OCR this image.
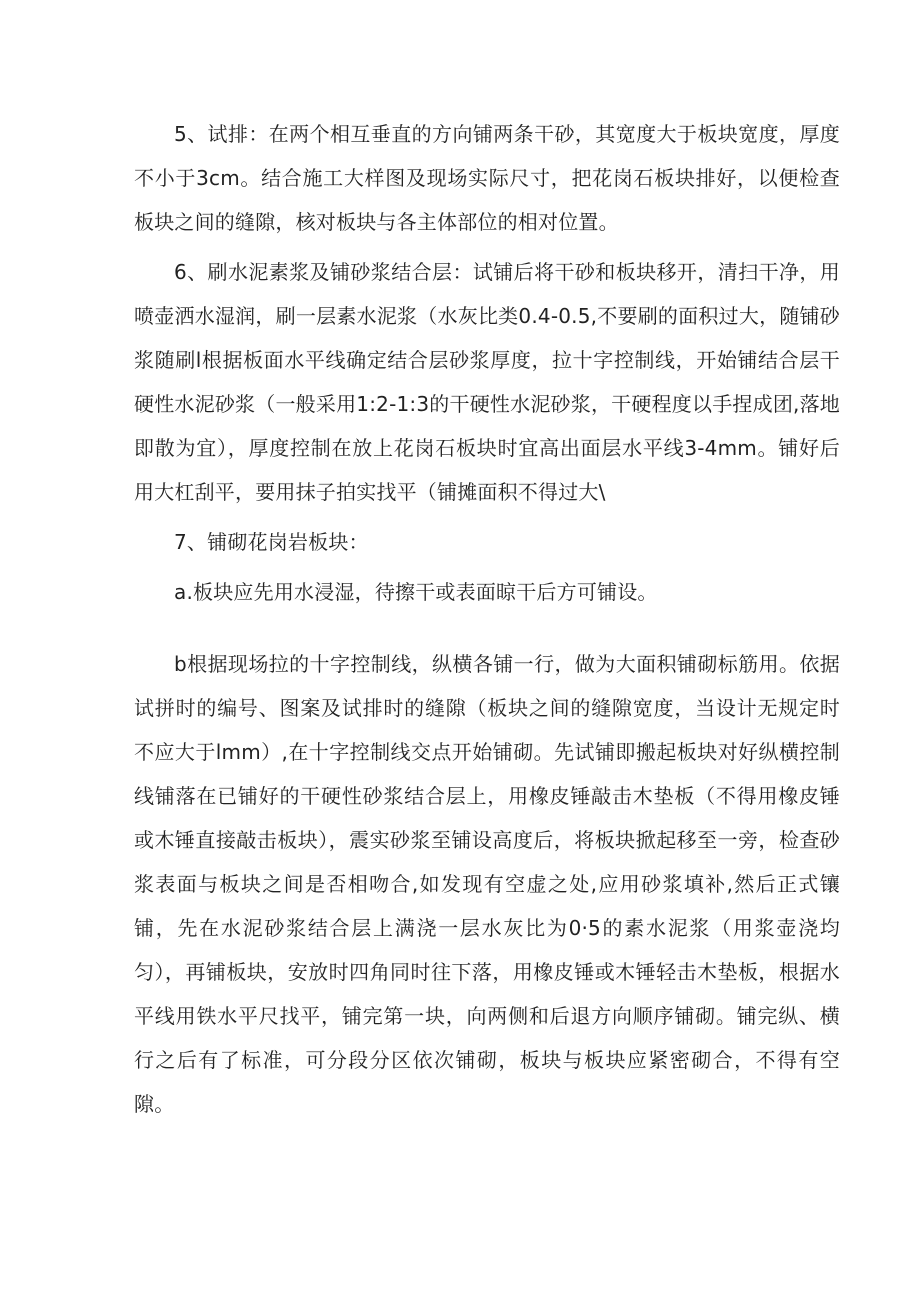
5、试排：在两个相互垂直的方向铺两条干砂，其宽度大于板块宽度，厚度不小于3cm。结合施工大样图及现场实际尺寸，把花岗石板块排好，以便检查板块之间的缝隙，核对板块与各主体部位的相对位置。

6、刷水泥素浆及铺砂浆结合层：试铺后将干砂和板块移开，清扫干净，用喷壶洒水湿润，刷一层素水泥浆（水灰比类0.4-0.5,不要刷的面积过大，随铺砂浆随刷l根据板面水平线确定结合层砂浆厚度，拉十字控制线，开始铺结合层干硬性水泥砂浆（一般采用1:2-1:3的干硬性水泥砂浆，干硬程度以手捏成团,落地即散为宜），厚度控制在放上花岗石板块时宜高出面层水平线3-4mm。铺好后用大杠刮平，要用抹子拍实找平（铺摊面积不得过大\

7、铺砌花岗岩板块：

a.板块应先用水浸湿，待擦干或表面晾干后方可铺设。

b根据现场拉的十字控制线，纵横各铺一行，做为大面积铺砌标筋用。依据试拼时的编号、图案及试排时的缝隙（板块之间的缝隙宽度，当设计无规定时不应大于lmm）,在十字控制线交点开始铺砌。先试铺即搬起板块对好纵横控制线铺落在已铺好的干硬性砂浆结合层上，用橡皮锤敲击木垫板（不得用橡皮锤或木锤直接敲击板块），震实砂浆至铺设高度后，将板块掀起移至一旁，检查砂浆表面与板块之间是否相吻合,如发现有空虚之处,应用砂浆填补,然后正式镶铺，先在水泥砂浆结合层上满浇一层水灰比为0·5的素水泥浆（用浆壶浇均匀），再铺板块，安放时四角同时往下落，用橡皮锤或木锤轻击木垫板，根据水平线用铁水平尺找平，铺完第一块，向两侧和后退方向顺序铺砌。铺完纵、横行之后有了标准，可分段分区依次铺砌，板块与板块应紧密砌合，不得有空隙。
